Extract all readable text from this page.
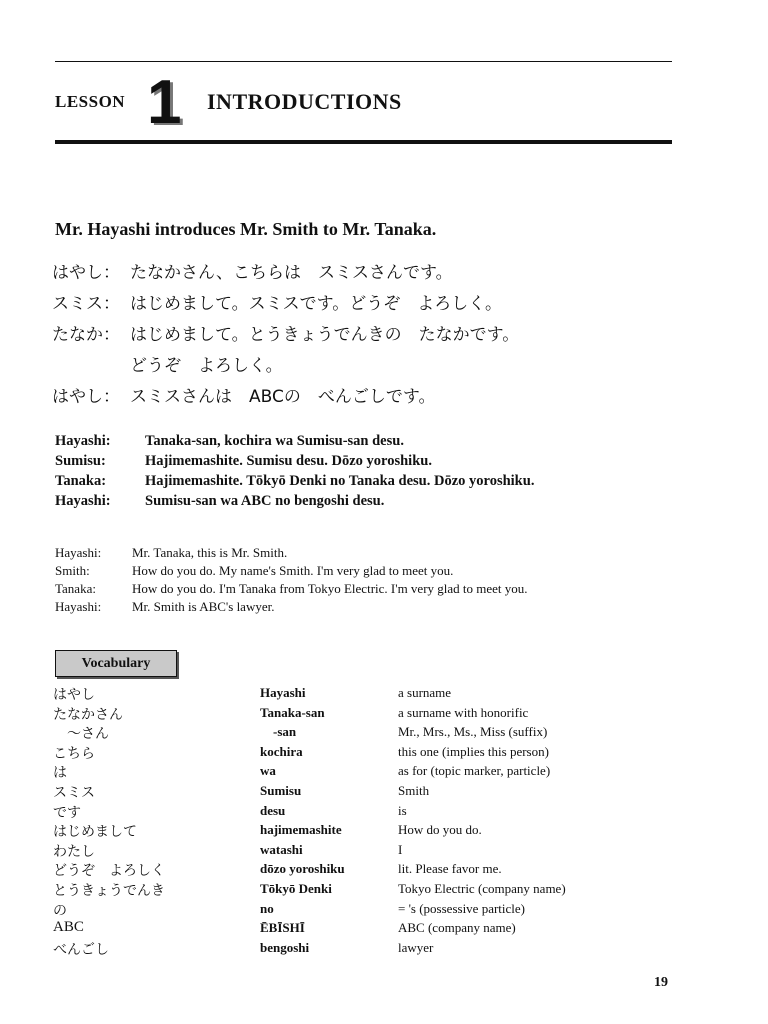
LESSON 1 INTRODUCTIONS
Mr. Hayashi introduces Mr. Smith to Mr. Tanaka.
はやし： たなかさん、こちらは　スミスさんです。
スミス： はじめまして。スミスです。どうぞ　よろしく。
たなか： はじめまして。とうきょうでんきの　たなかです。
どうぞ　よろしく。
はやし： スミスさんは　ABCの　べんごしです。
Hayashi: Tanaka-san, kochira wa Sumisu-san desu.
Sumisu:	Hajimemashite. Sumisu desu. Dōzo yoroshiku.
Tanaka:	Hajimemashite. Tōkyō Denki no Tanaka desu. Dōzo yoroshiku.
Hayashi: Sumisu-san wa ABC no bengoshi desu.
Hayashi: Mr. Tanaka, this is Mr. Smith.
Smith:	How do you do. My name's Smith. I'm very glad to meet you.
Tanaka:	How do you do. I'm Tanaka from Tokyo Electric. I'm very glad to meet you.
Hayashi: Mr. Smith is ABC's lawyer.
Vocabulary
はやし	Hayashi	a surname
たなかさん	Tanaka-san	a surname with honorific
　〜さん	-san	Mr., Mrs., Ms., Miss (suffix)
こちら	kochira	this one (implies this person)
は	wa	as for (topic marker, particle)
スミス	Sumisu	Smith
です	desu	is
はじめまして	hajimemashite	How do you do.
わたし	watashi	I
どうぞ　よろしく	dōzo yoroshiku	lit. Please favor me.
とうきょうでんき	Tōkyō Denki	Tokyo Electric (company name)
の	no	= 's (possessive particle)
ABC	ĒBĪSHĪ	ABC (company name)
べんごし	bengoshi	lawyer
19
